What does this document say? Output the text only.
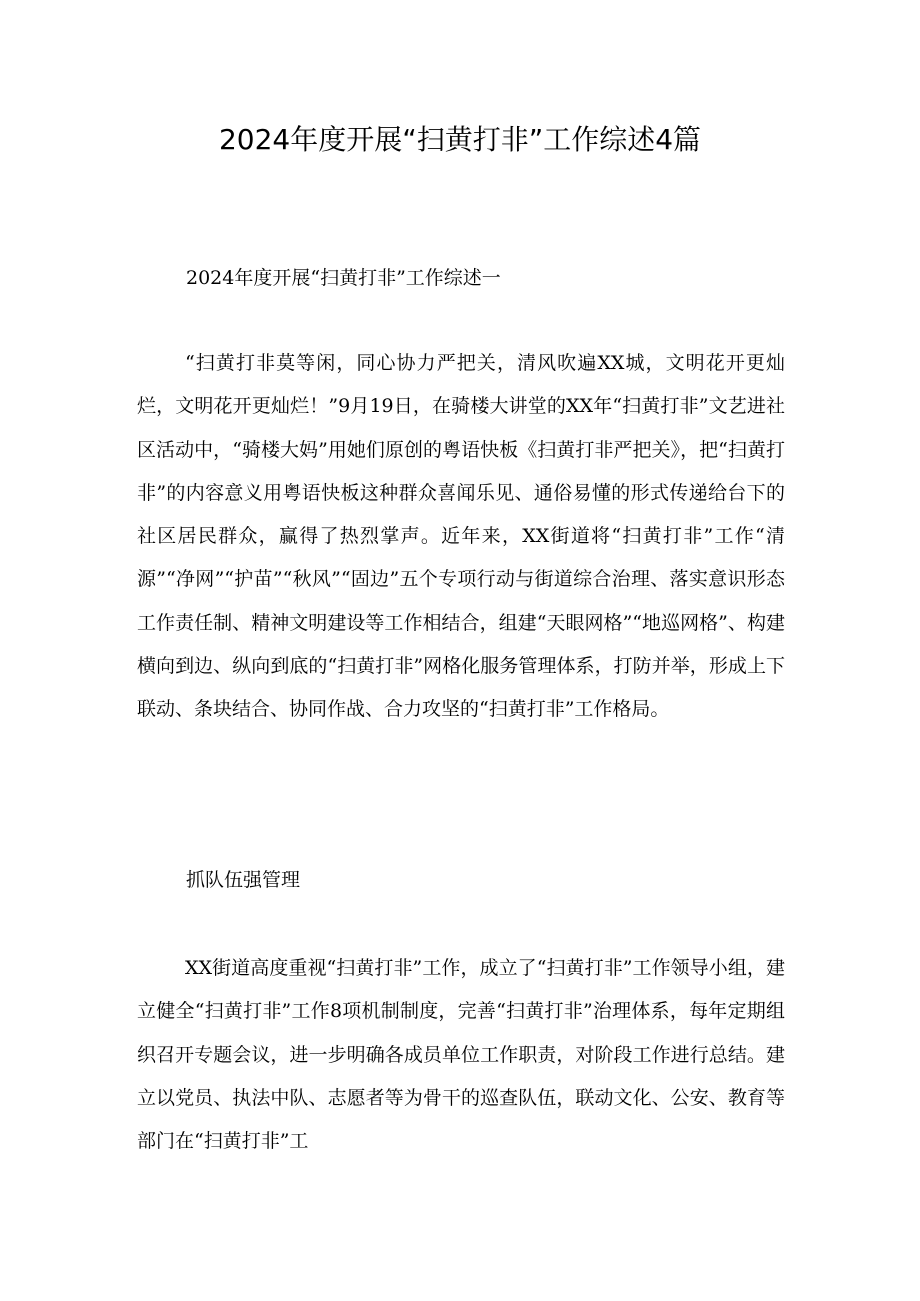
2024年度开展“扫黄打非”工作综述4篇
2024年度开展“扫黄打非”工作综述一

“扫黄打非莫等闲，同心协力严把关，清风吹遍XX城，文明花开更灿烂，文明花开更灿烂！”9月19日，在骑楼大讲堂的XX年“扫黄打非”文艺进社区活动中，“骑楼大妈”用她们原创的粤语快板《扫黄打非严把关》，把“扫黄打非”的内容意义用粤语快板这种群众喜闻乐见、通俗易懂的形式传递给台下的社区居民群众，赢得了热烈掌声。近年来，XX街道将“扫黄打非”工作“清源”“净网”“护苗”“秋风”“固边”五个专项行动与街道综合治理、落实意识形态工作责任制、精神文明建设等工作相结合，组建“天眼网格”“地巡网格”、构建横向到边、纵向到底的“扫黄打非”网格化服务管理体系，打防并举，形成上下联动、条块结合、协同作战、合力攻坚的“扫黄打非”工作格局。

抓队伍强管理

XX街道高度重视“扫黄打非”工作，成立了“扫黄打非”工作领导小组，建立健全“扫黄打非”工作8项机制制度，完善“扫黄打非”治理体系，每年定期组织召开专题会议，进一步明确各成员单位工作职责，对阶段工作进行总结。建立以党员、执法中队、志愿者等为骨干的巡查队伍，联动文化、公安、教育等部门在“扫黄打非”工
